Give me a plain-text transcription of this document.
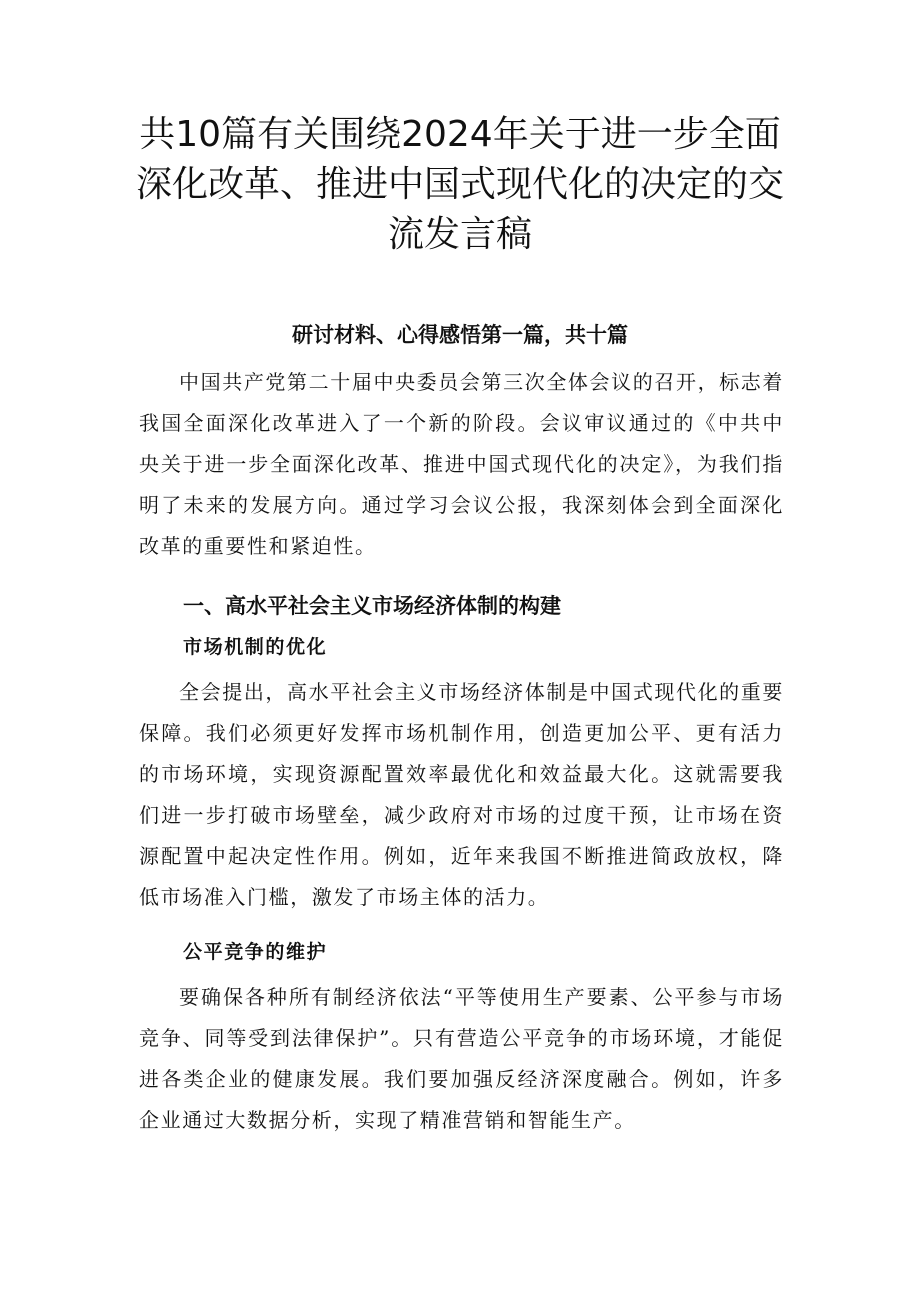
共10篇有关围绕2024年关于进一步全面
深化改革、推进中国式现代化的决定的交
流发言稿
研讨材料、心得感悟第一篇，共十篇

中国共产党第二十届中央委员会第三次全体会议的召开，标志着我国全面深化改革进入了一个新的阶段。会议审议通过的《中共中央关于进一步全面深化改革、推进中国式现代化的决定》，为我们指明了未来的发展方向。通过学习会议公报，我深刻体会到全面深化改革的重要性和紧迫性。

一、高水平社会主义市场经济体制的构建
市场机制的优化

全会提出，高水平社会主义市场经济体制是中国式现代化的重要保障。我们必须更好发挥市场机制作用，创造更加公平、更有活力的市场环境，实现资源配置效率最优化和效益最大化。这就需要我们进一步打破市场壁垒，减少政府对市场的过度干预，让市场在资源配置中起决定性作用。例如，近年来我国不断推进简政放权，降低市场准入门槛，激发了市场主体的活力。

公平竞争的维护

要确保各种所有制经济依法“平等使用生产要素、公平参与市场竞争、同等受到法律保护”。只有营造公平竞争的市场环境，才能促进各类企业的健康发展。我们要加强反经济深度融合。例如，许多企业通过大数据分析，实现了精准营销和智能生产。
